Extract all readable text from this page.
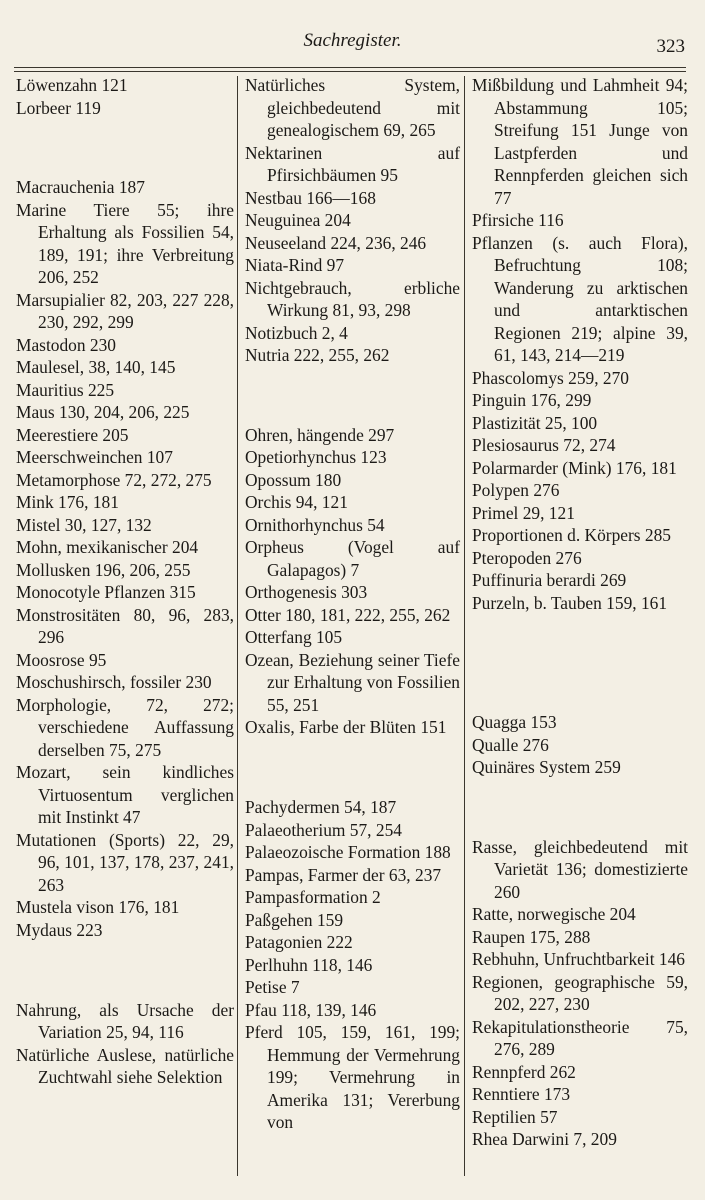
Sachregister.	323

Löwenzahn 121

Lorbeer 119

Macrauchenia 187

Marine Tiere 55; ihre Erhaltung als Fossilien 54, 189, 191; ihre Verbreitung 206, 252

Marsupialier 82, 203, 227 228, 230, 292, 299

Mastodon 230

Maulesel, 38, 140, 145

Mauritius 225

Maus 130, 204, 206, 225

Meerestiere 205

Meerschweinchen 107

Metamorphose 72, 272, 275

Mink 176, 181

Mistel 30, 127, 132

Mohn, mexikanischer 204

Mollusken 196, 206, 255

Monocotyle Pflanzen 315

Monstrositäten 80, 96, 283, 296

Moosrose 95

Moschushirsch, fossiler 230

Morphologie, 72, 272; verschiedene Auffassung derselben 75, 275

Mozart, sein kindliches Virtuosentum verglichen mit Instinkt 47

Mutationen (Sports) 22, 29, 96, 101, 137, 178, 237, 241, 263

Mustela vison 176, 181

Mydaus 223

Nahrung, als Ursache der Variation 25, 94, 116

Natürliche Auslese, natürliche Zuchtwahl siehe Selektion

Natürliches System, gleichbedeutend mit genealogischem 69, 265

Nektarinen auf Pfirsichbäumen 95

Nestbau 166—168

Neuguinea 204

Neuseeland 224, 236, 246

Niata-Rind 97

Nichtgebrauch, erbliche Wirkung 81, 93, 298

Notizbuch 2, 4

Nutria 222, 255, 262

Ohren, hängende 297

Opetiorhynchus 123

Opossum 180

Orchis 94, 121

Ornithorhynchus 54

Orpheus (Vogel auf Galapagos) 7

Orthogenesis 303

Otter 180, 181, 222, 255, 262

Otterfang 105

Ozean, Beziehung seiner Tiefe zur Erhaltung von Fossilien 55, 251

Oxalis, Farbe der Blüten 151

Pachydermen 54, 187

Palaeotherium 57, 254

Palaeozoische Formation 188

Pampas, Farmer der 63, 237

Pampasformation 2

Paßgehen 159

Patagonien 222

Perlhuhn 118, 146

Petise 7

Pfau 118, 139, 146

Pferd 105, 159, 161, 199; Hemmung der Vermehrung 199; Vermehrung in Amerika 131; Vererbung von

Mißbildung und Lahmheit 94; Abstammung 105; Streifung 151 Junge von Lastpferden und Rennpferden gleichen sich 77

Pfirsiche 116

Pflanzen (s. auch Flora), Befruchtung 108; Wanderung zu arktischen und antarktischen Regionen 219; alpine 39, 61, 143, 214—219

Phascolomys 259, 270

Pinguin 176, 299

Plastizität 25, 100

Plesiosaurus 72, 274

Polarmarder (Mink) 176, 181

Polypen 276

Primel 29, 121

Proportionen d. Körpers 285

Pteropoden 276

Puffinuria berardi 269

Purzeln, b. Tauben 159, 161

Quagga 153

Qualle 276

Quinäres System 259

Rasse, gleichbedeutend mit Varietät 136; domestizierte 260

Ratte, norwegische 204

Raupen 175, 288

Rebhuhn, Unfruchtbarkeit 146

Regionen, geographische 59, 202, 227, 230

Rekapitulationstheorie 75, 276, 289

Rennpferd 262

Renntiere 173

Reptilien 57

Rhea Darwini 7, 209
